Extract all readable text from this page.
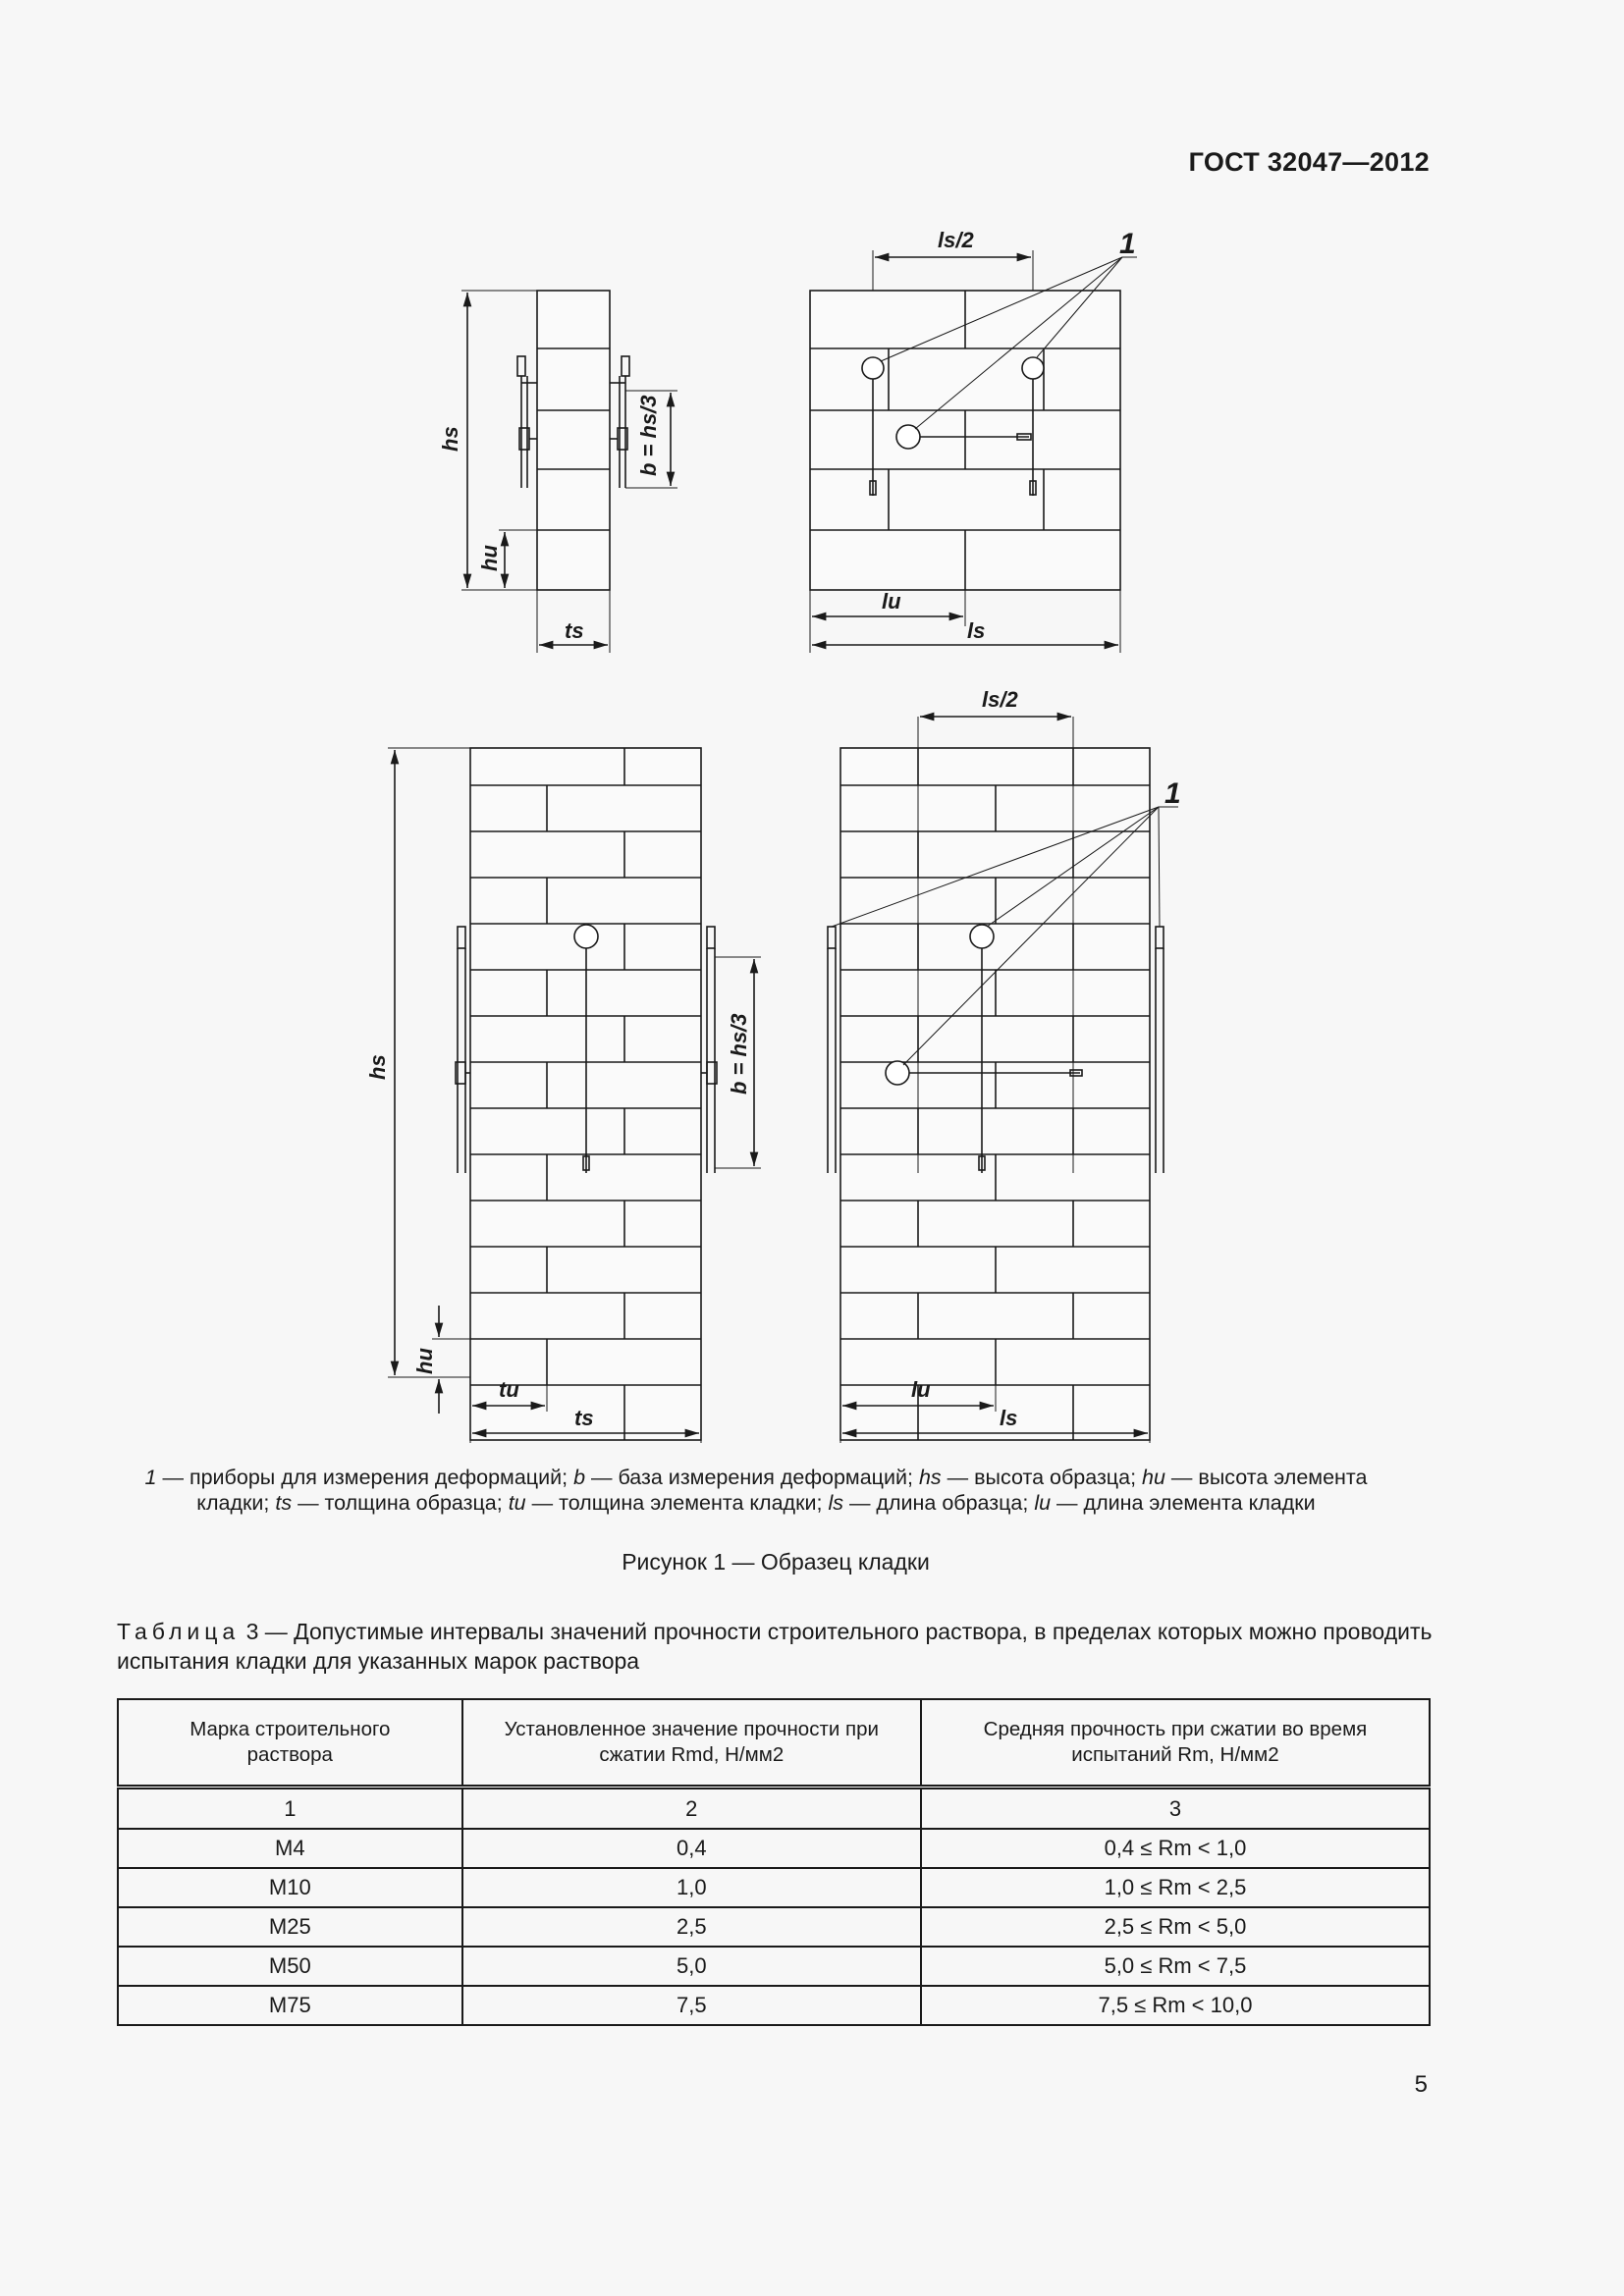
ГОСТ 32047—2012
ls/2	1
hs
hu
b = hs/3
ts
lu
ls
ls/2
1
hs
hu
b = hs/3
tu
ts
lu
ls
1 — приборы для измерения деформаций; b — база измерения деформаций; hs — высота образца; hu — высота элемента кладки; ts — толщина образца; tu — толщина элемента кладки; ls — длина образца; lu — длина элемента кладки
Рисунок 1 — Образец кладки
Таблица 3 — Допустимые интервалы значений прочности строительного раствора, в пределах которых можно проводить испытания кладки для указанных марок раствора
Марка строительного раствора	Установленное значение прочности при сжатии Rmd, Н/мм2	Средняя прочность при сжатии во время испытаний Rm, Н/мм2
1	2	3
М4	0,4	0,4 ≤ Rm < 1,0
М10	1,0	1,0 ≤ Rm < 2,5
М25	2,5	2,5 ≤ Rm < 5,0
М50	5,0	5,0 ≤ Rm < 7,5
М75	7,5	7,5 ≤ Rm < 10,0
5
